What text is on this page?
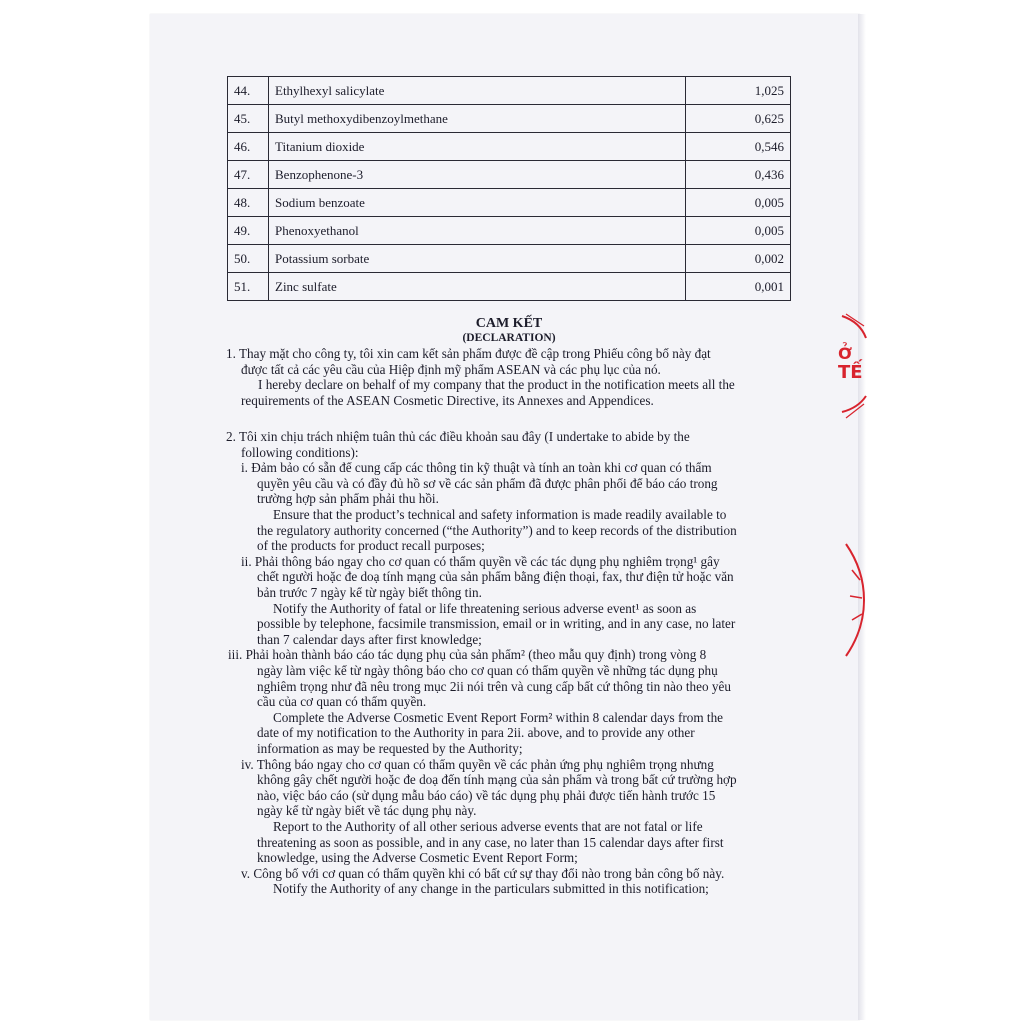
44.	Ethylhexyl salicylate	1,025
45.	Butyl methoxydibenzoylmethane	0,625
46.	Titanium dioxide	0,546
47.	Benzophenone-3	0,436
48.	Sodium benzoate	0,005
49.	Phenoxyethanol	0,005
50.	Potassium sorbate	0,002
51.	Zinc sulfate	0,001
CAM KẾT
(DECLARATION)
1. Thay mặt cho công ty, tôi xin cam kết sản phẩm được đề cập trong Phiếu công bố này đạt
được tất cả các yêu cầu của Hiệp định mỹ phẩm ASEAN và các phụ lục của nó.
I hereby declare on behalf of my company that the product in the notification meets all the
requirements of the ASEAN Cosmetic Directive, its Annexes and Appendices.
2. Tôi xin chịu trách nhiệm tuân thủ các điều khoản sau đây (I undertake to abide by the
following conditions):
i. Đảm bảo có sẵn để cung cấp các thông tin kỹ thuật và tính an toàn khi cơ quan có thẩm
quyền yêu cầu và có đầy đủ hồ sơ về các sản phẩm đã được phân phối để báo cáo trong
trường hợp sản phẩm phải thu hồi.
Ensure that the product’s technical and safety information is made readily available to
the regulatory authority concerned (“the Authority”) and to keep records of the distribution
of the products for product recall purposes;
ii. Phải thông báo ngay cho cơ quan có thẩm quyền về các tác dụng phụ nghiêm trọng¹ gây
chết người hoặc đe doạ tính mạng của sản phẩm bằng điện thoại, fax, thư điện tử hoặc văn
bản trước 7 ngày kể từ ngày biết thông tin.
Notify the Authority of fatal or life threatening serious adverse event¹ as soon as
possible by telephone, facsimile transmission, email or in writing, and in any case, no later
than 7 calendar days after first knowledge;
iii. Phải hoàn thành báo cáo tác dụng phụ của sản phẩm² (theo mẫu quy định) trong vòng 8
ngày làm việc kể từ ngày thông báo cho cơ quan có thẩm quyền về những tác dụng phụ
nghiêm trọng như đã nêu trong mục 2ii nói trên và cung cấp bất cứ thông tin nào theo yêu
cầu của cơ quan có thẩm quyền.
Complete the Adverse Cosmetic Event Report Form² within 8 calendar days from the
date of my notification to the Authority in para 2ii. above, and to provide any other
information as may be requested by the Authority;
iv. Thông báo ngay cho cơ quan có thẩm quyền về các phản ứng phụ nghiêm trọng nhưng
không gây chết người hoặc đe doạ đến tính mạng của sản phẩm và trong bất cứ trường hợp
nào, việc báo cáo (sử dụng mẫu báo cáo) về tác dụng phụ phải được tiến hành trước 15
ngày kể từ ngày biết về tác dụng phụ này.
Report to the Authority of all other serious adverse events that are not fatal or life
threatening as soon as possible, and in any case, no later than 15 calendar days after first
knowledge, using the Adverse Cosmetic Event Report Form;
v. Công bố với cơ quan có thẩm quyền khi có bất cứ sự thay đổi nào trong bản công bố này.
Notify the Authority of any change in the particulars submitted in this notification;
Ở
TẾ
